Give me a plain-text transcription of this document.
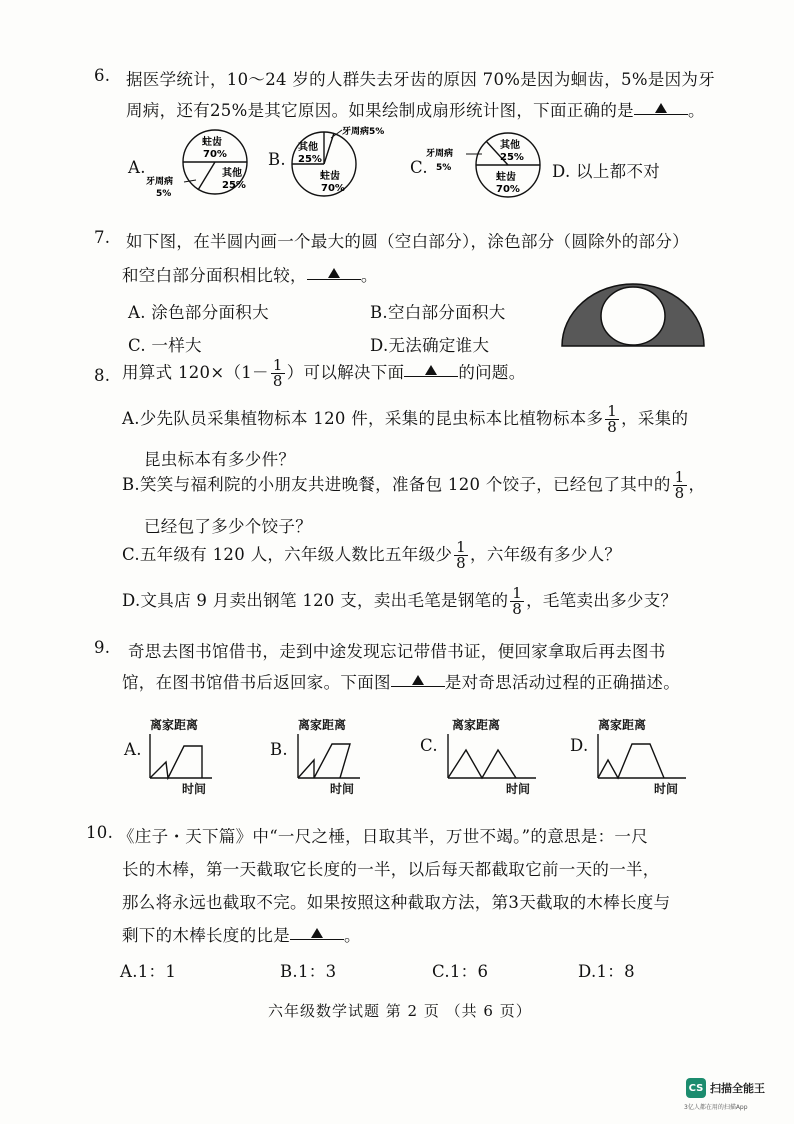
6. 据医学统计，10～24 岁的人群失去牙齿的原因 70%是因为蛔齿，5%是因为牙
周病，还有25%是其它原因。如果绘制成扇形统计图，下面正确的是	。
A.
蛀齿
70%
其他
25%
牙周病
5%
B.
牙周病5%
其他
25%
蛀齿
70%
C.
牙周病
5%
其他
25%
蛀齿
70%
D. 以上都不对
7. 如下图，在半圆内画一个最大的圆（空白部分），涂色部分（圆除外的部分）
和空白部分面积相比较，	。
A. 涂色部分面积大	B.空白部分面积大
C. 一样大	D.无法确定谁大
8. 用算式 $120\times(1- \frac{1}{8}$ ）可以解决下面	的问题。
A.少先队员采集植物标本 120 件，采集的昆虫标本比植物标本多 $\frac{1}{8}$ ，采集的
昆虫标本有多少件？
B.笑笑与福利院的小朋友共进晚餐，准备包 120 个饺子，已经包了其中的 $\frac{1}{8}$ ，
已经包了多少个饺子？
C.五年级有 120 人，六年级人数比五年级少 $\frac{1}{8}$ ，六年级有多少人？
D.文具店 9 月卖出钢笔 120 支，卖出毛笔是钢笔的 $\frac{1}{8}$ ，毛笔卖出多少支？
9. 奇思去图书馆借书，走到中途发现忘记带借书证，便回家拿取后再去图书
馆，在图书馆借书后返回家。下面图	是对奇思活动过程的正确描述。
A.
离家距离
时间
B.
离家距离
时间
C.
离家距离
时间
D.
离家距离
时间
10. 《庄子・天下篇》中“一尺之棰，日取其半，万世不竭。”的意思是：一尺
长的木棒，第一天截取它长度的一半，以后每天都截取它前一天的一半，
那么将永远也截取不完。如果按照这种截取方法，第3天截取的木棒长度与
剩下的木棒长度的比是	。
A.1：1	B.1：3	C.1：6	D.1：8
六年级数学试题 第 2 页 （共 6 页）
CS 扫描全能王
3亿人都在用的扫描App
